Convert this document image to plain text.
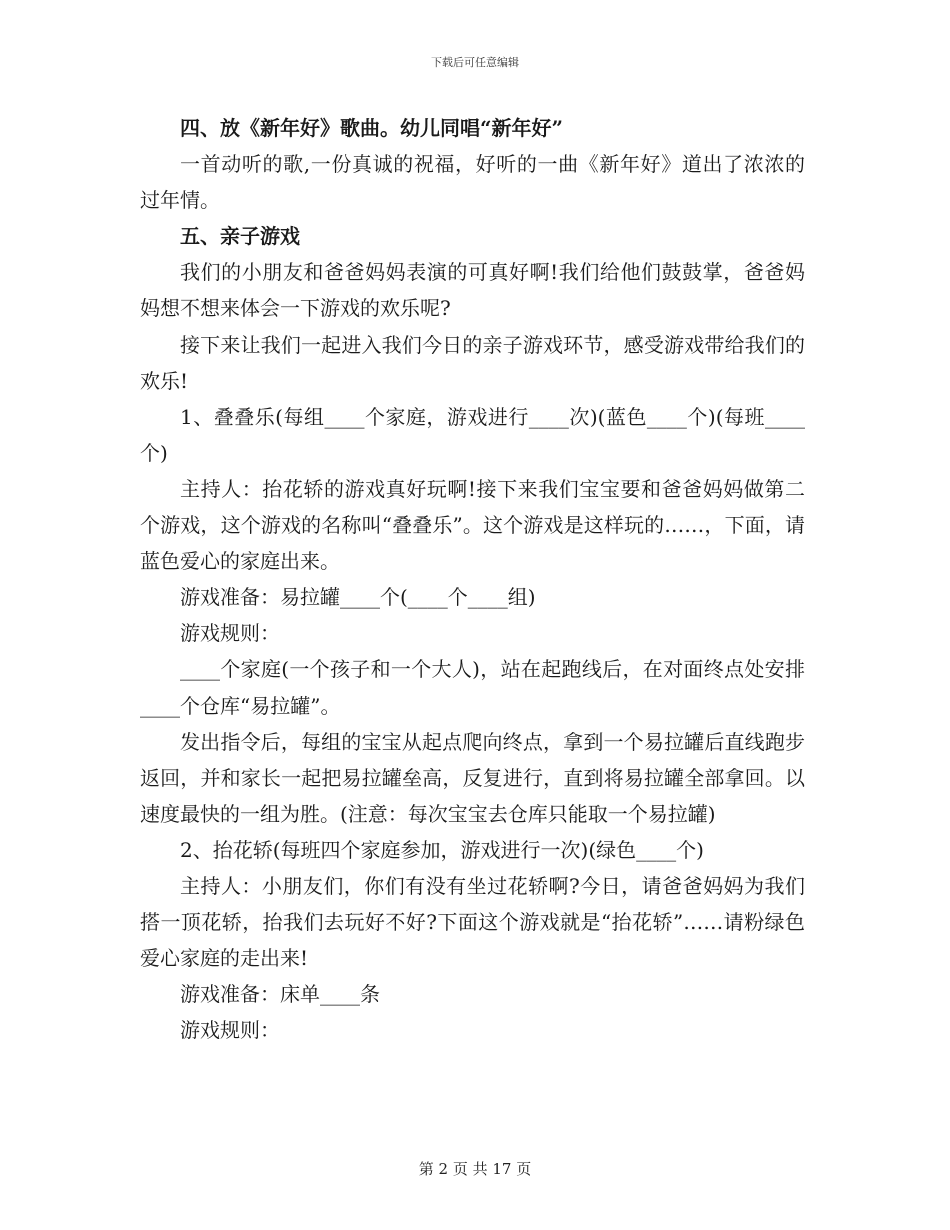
下载后可任意编辑

四、放《新年好》歌曲。幼儿同唱“新年好”

一首动听的歌,一份真诚的祝福，好听的一曲《新年好》道出了浓浓的过年情。

五、亲子游戏

我们的小朋友和爸爸妈妈表演的可真好啊!我们给他们鼓鼓掌，爸爸妈妈想不想来体会一下游戏的欢乐呢?

接下来让我们一起进入我们今日的亲子游戏环节，感受游戏带给我们的欢乐!

1、叠叠乐(每组____个家庭，游戏进行____次)(蓝色____个)(每班____个)

主持人：抬花轿的游戏真好玩啊!接下来我们宝宝要和爸爸妈妈做第二个游戏，这个游戏的名称叫“叠叠乐”。这个游戏是这样玩的……，下面，请蓝色爱心的家庭出来。

游戏准备：易拉罐____个(____个____组)

游戏规则：

____个家庭(一个孩子和一个大人)，站在起跑线后，在对面终点处安排____个仓库“易拉罐”。

发出指令后，每组的宝宝从起点爬向终点，拿到一个易拉罐后直线跑步返回，并和家长一起把易拉罐垒高，反复进行，直到将易拉罐全部拿回。以速度最快的一组为胜。(注意：每次宝宝去仓库只能取一个易拉罐)

2、抬花轿(每班四个家庭参加，游戏进行一次)(绿色____个)

主持人：小朋友们，你们有没有坐过花轿啊?今日，请爸爸妈妈为我们搭一顶花轿，抬我们去玩好不好?下面这个游戏就是“抬花轿”……请粉绿色爱心家庭的走出来!

游戏准备：床单____条

游戏规则：

第 2 页 共 17 页
